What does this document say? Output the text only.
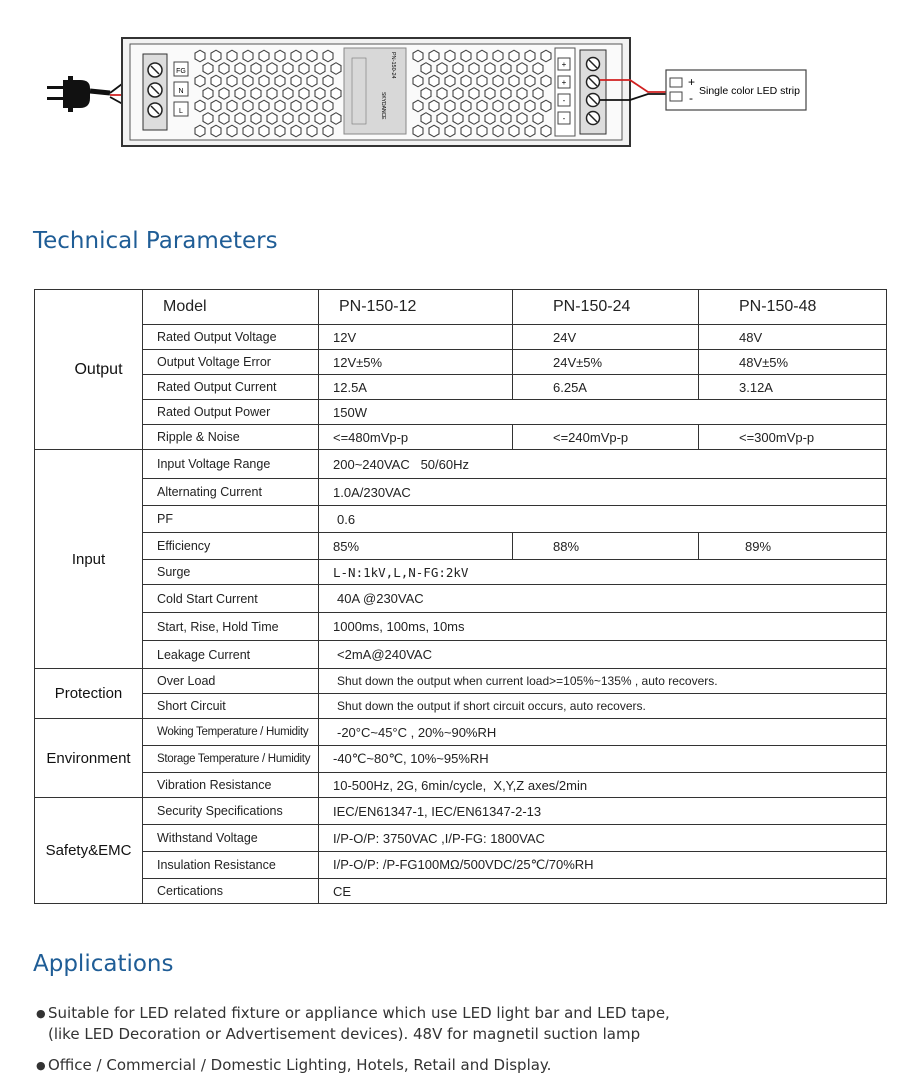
FG
N
L
PN-150-24
SKYDANCE
+
+
-
-
+
- Single color LED strip
Technical Parameters
Output	Model	PN-150-12	PN-150-24	PN-150-48
	Rated Output Voltage	12V	24V	48V
	Output Voltage Error	12V±5%	24V±5%	48V±5%
	Rated Output Current	12.5A	6.25A	3.12A
	Rated Output Power	150W		
	Ripple & Noise	<=480mVp-p	<=240mVp-p	<=300mVp-p
Input	Input Voltage Range	200~240VAC   50/60Hz		
	Alternating Current	1.0A/230VAC		
	PF	0.6		
	Efficiency	85%	88%	89%
	Surge	L-N:1kV,L,N-FG:2kV		
	Cold Start Current	40A @230VAC		
	Start, Rise, Hold Time	1000ms, 100ms, 10ms		
	Leakage Current	<2mA@240VAC		
Protection	Over Load	Shut down the output when current load>=105%~135% , auto recovers.		
	Short Circuit	Shut down the output if short circuit occurs, auto recovers.		
Environment	Woking Temperature / Humidity	-20°C~45°C , 20%~90%RH		
	Storage Temperature / Humidity	-40℃~80℃, 10%~95%RH		
	Vibration Resistance	10-500Hz, 2G, 6min/cycle,  X,Y,Z axes/2min		
Safety&EMC	Security Specifications	IEC/EN61347-1, IEC/EN61347-2-13		
	Withstand Voltage	I/P-O/P: 3750VAC ,I/P-FG: 1800VAC		
	Insulation Resistance	I/P-O/P: /P-FG100MΩ/500VDC/25℃/70%RH		
	Certications	CE		
Applications
● Suitable for LED related fixture or appliance which use LED light bar and LED tape,
(like LED Decoration or Advertisement devices). 48V for magnetil suction lamp
● Office / Commercial / Domestic Lighting, Hotels, Retail and Display.
